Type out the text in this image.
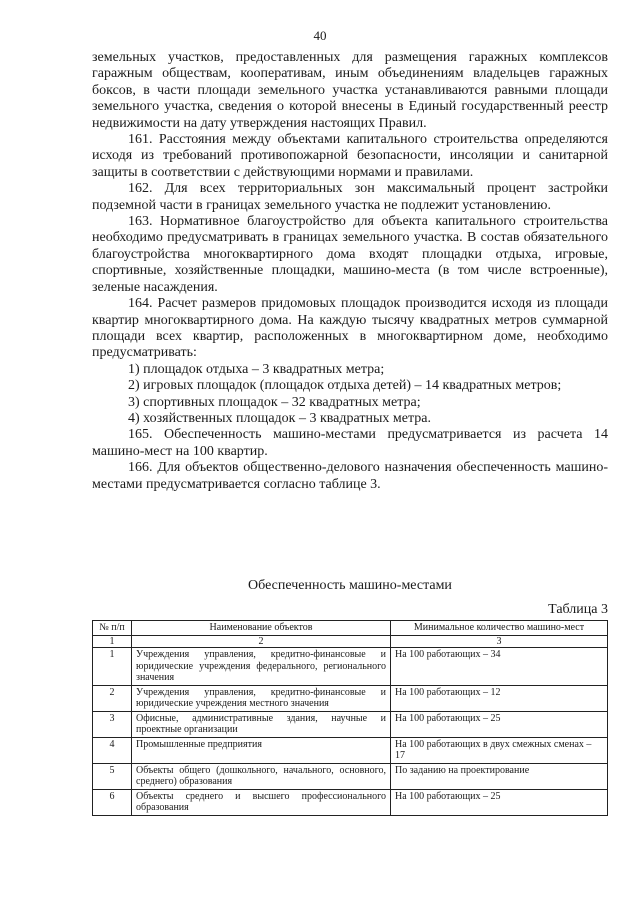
40

земельных участков, предоставленных для размещения гаражных комплексов гаражным обществам, кооперативам, иным объединениям владельцев гаражных боксов, в части площади земельного участка устанавливаются равными площади земельного участка, сведения о которой внесены в Единый государственный реестр недвижимости на дату утверждения настоящих Правил.

161. Расстояния между объектами капитального строительства определяются исходя из требований противопожарной безопасности, инсоляции и санитарной защиты в соответствии с действующими нормами и правилами.

162. Для всех территориальных зон максимальный процент застройки подземной части в границах земельного участка не подлежит установлению.

163. Нормативное благоустройство для объекта капитального строительства необходимо предусматривать в границах земельного участка. В состав обязательного благоустройства многоквартирного дома входят площадки отдыха, игровые, спортивные, хозяйственные площадки, машино-места (в том числе встроенные), зеленые насаждения.

164. Расчет размеров придомовых площадок производится исходя из площади квартир многоквартирного дома. На каждую тысячу квадратных метров суммарной площади всех квартир, расположенных в многоквартирном доме, необходимо предусматривать:

1) площадок отдыха – 3 квадратных метра;

2) игровых площадок (площадок отдыха детей) – 14 квадратных метров;

3) спортивных площадок – 32 квадратных метра;

4) хозяйственных площадок – 3 квадратных метра.

165. Обеспеченность машино-местами предусматривается из расчета 14 машино-мест на 100 квартир.

166. Для объектов общественно-делового назначения обеспеченность машино-местами предусматривается согласно таблице 3.

Обеспеченность машино-местами
Таблица 3
№ п/п	Наименование объектов	Минимальное количество машино-мест
1	2	3
1	Учреждения управления, кредитно-финансовые и юридические учреждения федерального, регионального значения	На 100 работающих – 34
2	Учреждения управления, кредитно-финансовые и юридические учреждения местного значения	На 100 работающих – 12
3	Офисные, административные здания, научные и проектные организации	На 100 работающих – 25
4	Промышленные предприятия	На 100 работающих в двух смежных сменах – 17
5	Объекты общего (дошкольного, начального, основного, среднего) образования	По заданию на проектирование
6	Объекты среднего и высшего профессионального образования	На 100 работающих – 25
